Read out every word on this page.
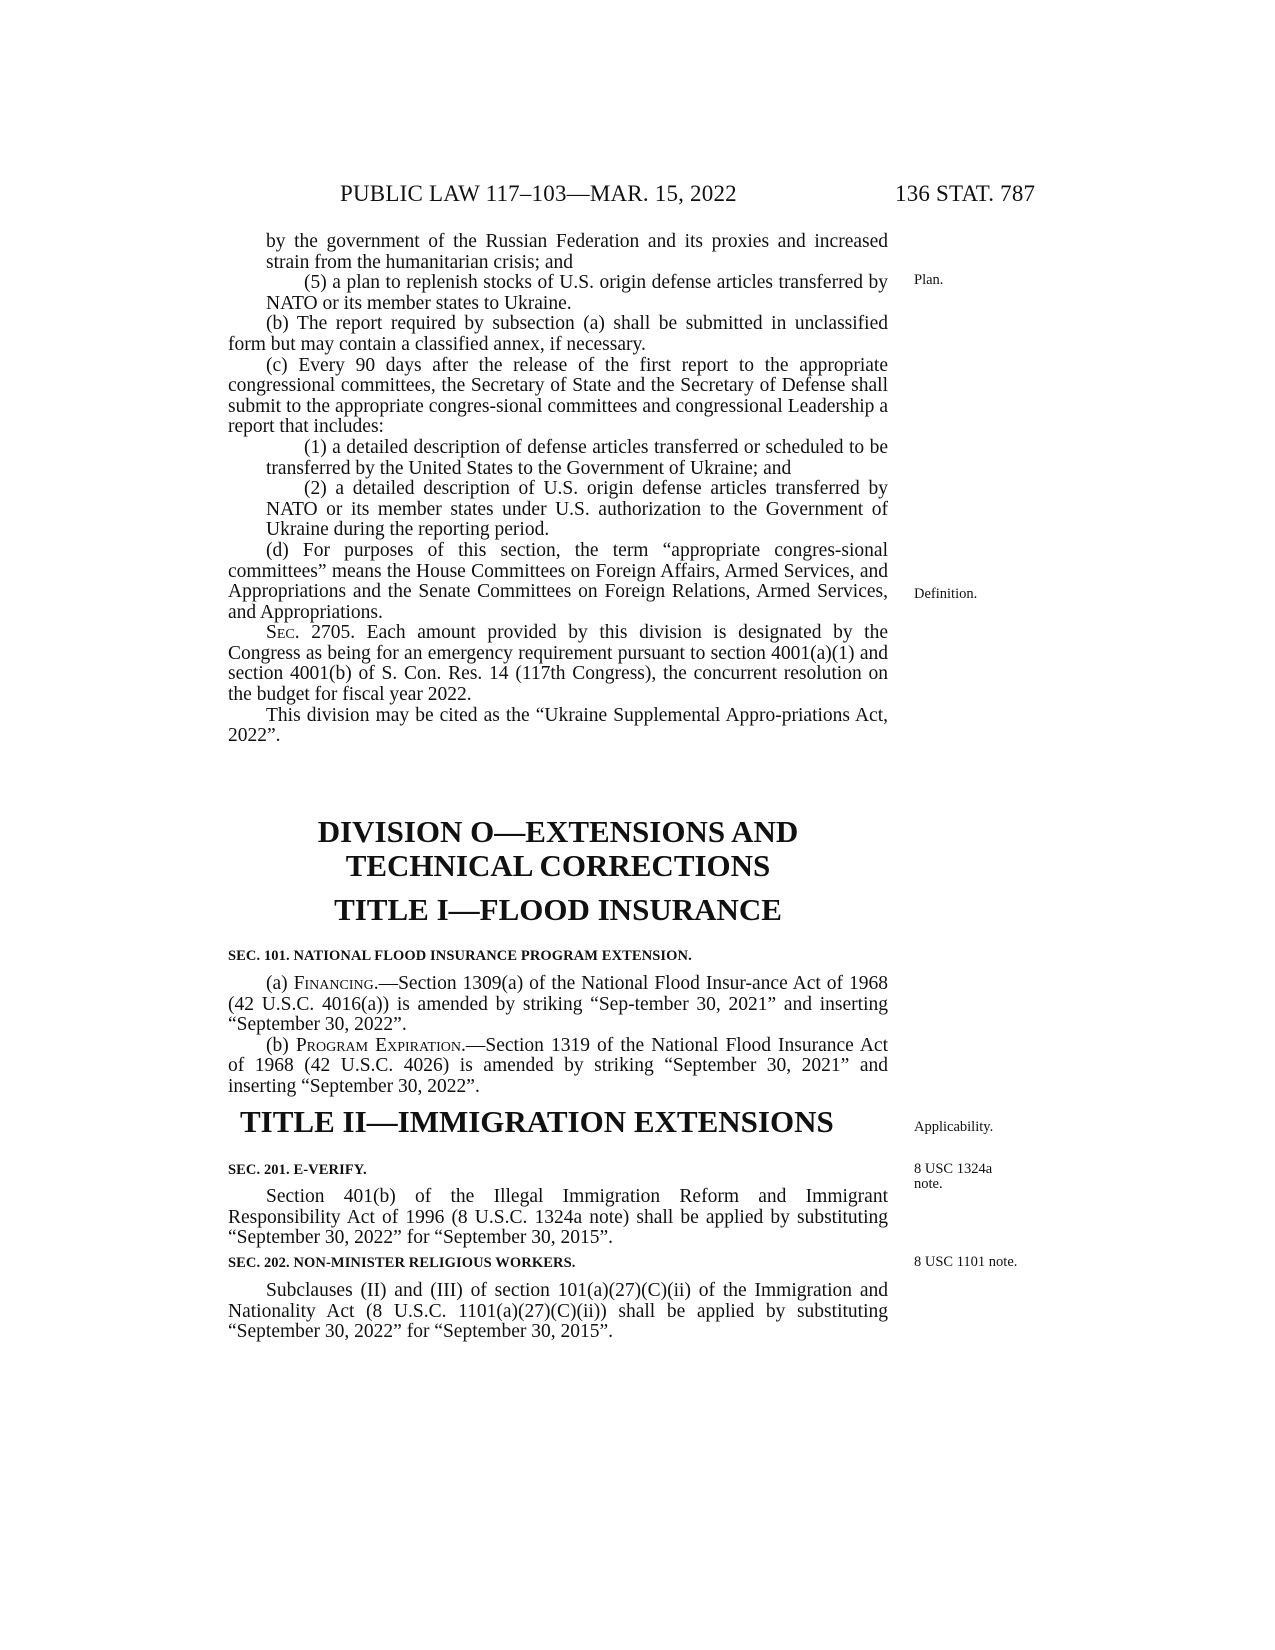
PUBLIC LAW 117–103—MAR. 15, 2022	136 STAT. 787

by the government of the Russian Federation and its proxies and increased strain from the humanitarian crisis; and

(5) a plan to replenish stocks of U.S. origin defense articles transferred by NATO or its member states to Ukraine.

(b) The report required by subsection (a) shall be submitted in unclassified form but may contain a classified annex, if necessary.

(c) Every 90 days after the release of the first report to the appropriate congressional committees, the Secretary of State and the Secretary of Defense shall submit to the appropriate congres-sional committees and congressional Leadership a report that includes:

(1) a detailed description of defense articles transferred or scheduled to be transferred by the United States to the Government of Ukraine; and

(2) a detailed description of U.S. origin defense articles transferred by NATO or its member states under U.S. authorization to the Government of Ukraine during the reporting period.

(d) For purposes of this section, the term “appropriate congres-sional committees” means the House Committees on Foreign Affairs, Armed Services, and Appropriations and the Senate Committees on Foreign Relations, Armed Services, and Appropriations.

Sec. 2705. Each amount provided by this division is designated by the Congress as being for an emergency requirement pursuant to section 4001(a)(1) and section 4001(b) of S. Con. Res. 14 (117th Congress), the concurrent resolution on the budget for fiscal year 2022.

This division may be cited as the “Ukraine Supplemental Appro-priations Act, 2022”.

DIVISION O—EXTENSIONS AND
TECHNICAL CORRECTIONS
TITLE I—FLOOD INSURANCE
SEC. 101. NATIONAL FLOOD INSURANCE PROGRAM EXTENSION.

(a) Financing.—Section 1309(a) of the National Flood Insur-ance Act of 1968 (42 U.S.C. 4016(a)) is amended by striking “Sep-tember 30, 2021” and inserting “September 30, 2022”.

(b) Program Expiration.—Section 1319 of the National Flood Insurance Act of 1968 (42 U.S.C. 4026) is amended by striking “September 30, 2021” and inserting “September 30, 2022”.

TITLE II—IMMIGRATION EXTENSIONS
SEC. 201. E-VERIFY.

Section 401(b) of the Illegal Immigration Reform and Immigrant Responsibility Act of 1996 (8 U.S.C. 1324a note) shall be applied by substituting “September 30, 2022” for “September 30, 2015”.

SEC. 202. NON-MINISTER RELIGIOUS WORKERS.

Subclauses (II) and (III) of section 101(a)(27)(C)(ii) of the Immigration and Nationality Act (8 U.S.C. 1101(a)(27)(C)(ii)) shall be applied by substituting “September 30, 2022” for “September 30, 2015”.

Plan.
Definition.
Applicability.
8 USC 1324a note.
8 USC 1101 note.
